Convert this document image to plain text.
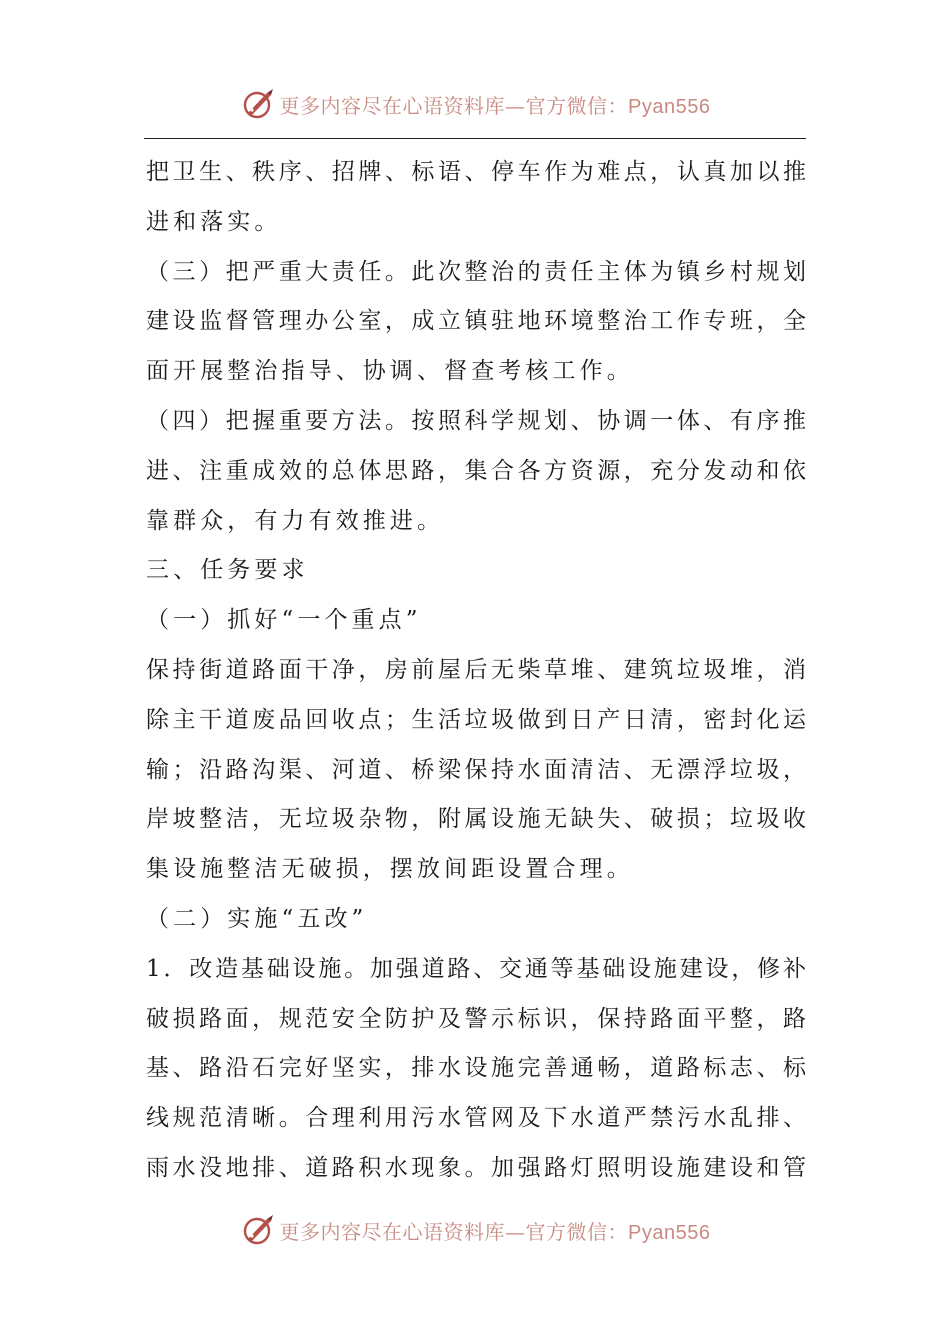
更多内容尽在心语资料库—官方微信：Pyan556
把卫生、秩序、招牌、标语、停车作为难点，认真加以推
进和落实。
（三）把严重大责任。此次整治的责任主体为镇乡村规划
建设监督管理办公室，成立镇驻地环境整治工作专班，全
面开展整治指导、协调、督查考核工作。
（四）把握重要方法。按照科学规划、协调一体、有序推
进、注重成效的总体思路，集合各方资源，充分发动和依
靠群众，有力有效推进。
三、任务要求
（一）抓好“一个重点”
保持街道路面干净，房前屋后无柴草堆、建筑垃圾堆，消
除主干道废品回收点；生活垃圾做到日产日清，密封化运
输；沿路沟渠、河道、桥梁保持水面清洁、无漂浮垃圾，
岸坡整洁，无垃圾杂物，附属设施无缺失、破损；垃圾收
集设施整洁无破损，摆放间距设置合理。
（二）实施“五改”
1．改造基础设施。加强道路、交通等基础设施建设，修补
破损路面，规范安全防护及警示标识，保持路面平整，路
基、路沿石完好坚实，排水设施完善通畅，道路标志、标
线规范清晰。合理利用污水管网及下水道严禁污水乱排、
雨水没地排、道路积水现象。加强路灯照明设施建设和管
更多内容尽在心语资料库—官方微信：Pyan556
